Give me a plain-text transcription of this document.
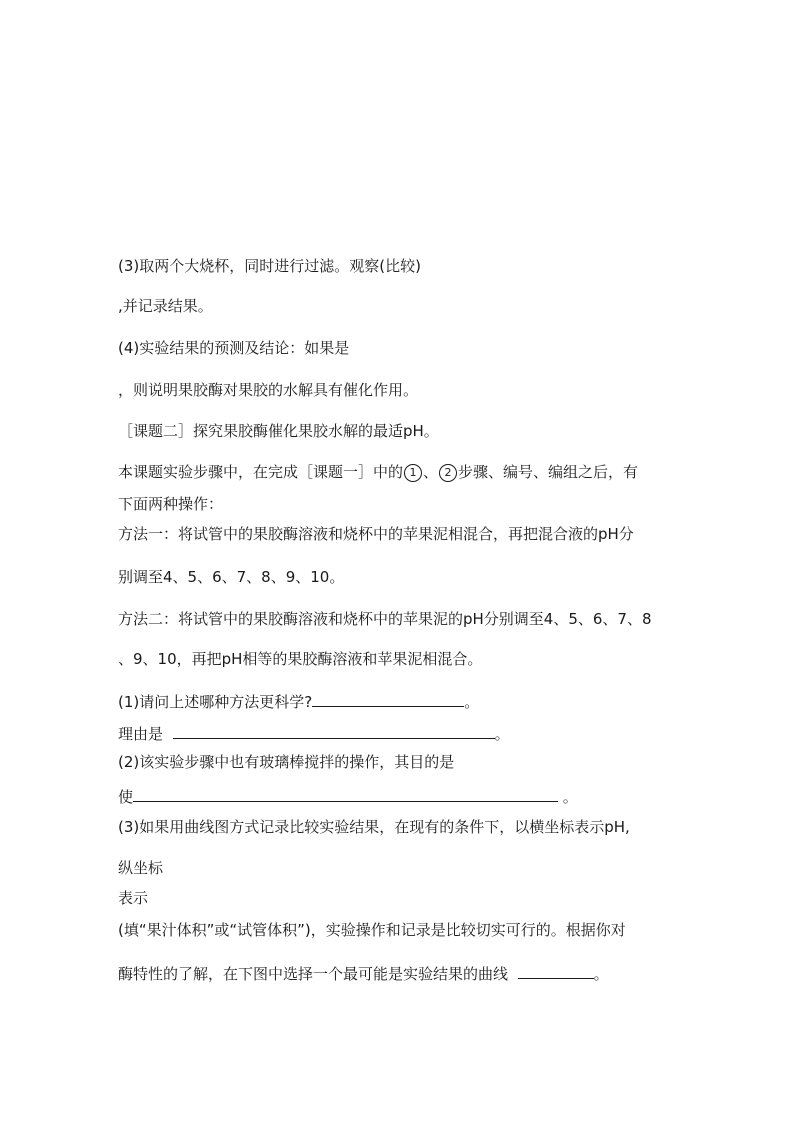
(3)取两个大烧杯，同时进行过滤。观察(比较)
,并记录结果。
(4)实验结果的预测及结论：如果是
，则说明果胶酶对果胶的水解具有催化作用。
［课题二］探究果胶酶催化果胶水解的最适pH。
本课题实验步骤中，在完成［课题一］中的 1 、 2 步骤、编号、编组之后，有
下面两种操作：
方法一：将试管中的果胶酶溶液和烧杯中的苹果泥相混合，再把混合液的pH分
别调至4、5、6、7、8、9、10。
方法二：将试管中的果胶酶溶液和烧杯中的苹果泥的pH分别调至4、5、6、7、8
、9、10，再把pH相等的果胶酶溶液和苹果泥相混合。
(1)请问上述哪种方法更科学?	。
理由是	。
(2)该实验步骤中也有玻璃棒搅拌的操作，其目的是
使	。
(3)如果用曲线图方式记录比较实验结果，在现有的条件下，以横坐标表示pH,
纵坐标
表示
(填“果汁体积”或“试管体积”)，实验操作和记录是比较切实可行的。根据你对
酶特性的了解，在下图中选择一个最可能是实验结果的曲线	。
